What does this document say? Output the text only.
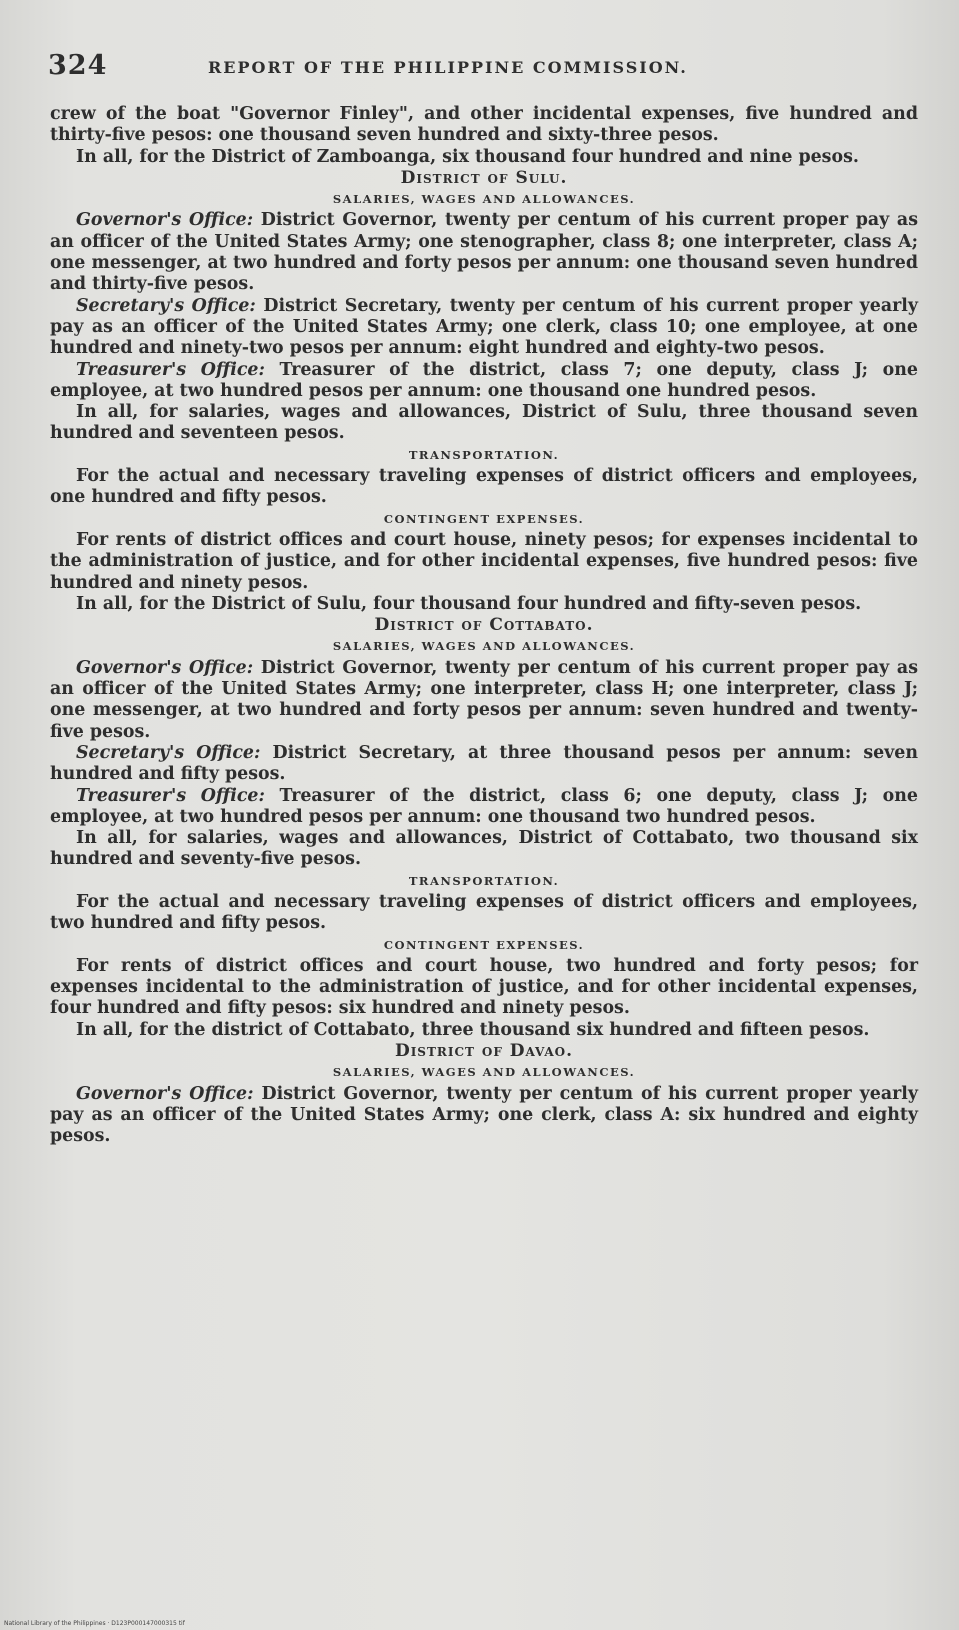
324	REPORT OF THE PHILIPPINE COMMISSION.

crew of the boat "Governor Finley", and other incidental expenses, five hundred and thirty-five pesos: one thousand seven hundred and sixty-three pesos.

In all, for the District of Zamboanga, six thousand four hundred and nine pesos.

District of Sulu.

SALARIES, WAGES AND ALLOWANCES.

Governor's Office: District Governor, twenty per centum of his current proper pay as an officer of the United States Army; one stenographer, class 8; one interpreter, class A; one messenger, at two hundred and forty pesos per annum: one thousand seven hundred and thirty-five pesos.

Secretary's Office: District Secretary, twenty per centum of his current proper yearly pay as an officer of the United States Army; one clerk, class 10; one employee, at one hundred and ninety-two pesos per annum: eight hundred and eighty-two pesos.

Treasurer's Office: Treasurer of the district, class 7; one deputy, class J; one employee, at two hundred pesos per annum: one thousand one hundred pesos.

In all, for salaries, wages and allowances, District of Sulu, three thousand seven hundred and seventeen pesos.

TRANSPORTATION.

For the actual and necessary traveling expenses of district officers and employees, one hundred and fifty pesos.

CONTINGENT EXPENSES.

For rents of district offices and court house, ninety pesos; for expenses incidental to the administration of justice, and for other incidental expenses, five hundred pesos: five hundred and ninety pesos.

In all, for the District of Sulu, four thousand four hundred and fifty-seven pesos.

District of Cottabato.

SALARIES, WAGES AND ALLOWANCES.

Governor's Office: District Governor, twenty per centum of his current proper pay as an officer of the United States Army; one interpreter, class H; one interpreter, class J; one messenger, at two hundred and forty pesos per annum: seven hundred and twenty-five pesos.

Secretary's Office: District Secretary, at three thousand pesos per annum: seven hundred and fifty pesos.

Treasurer's Office: Treasurer of the district, class 6; one deputy, class J; one employee, at two hundred pesos per annum: one thousand two hundred pesos.

In all, for salaries, wages and allowances, District of Cottabato, two thousand six hundred and seventy-five pesos.

TRANSPORTATION.

For the actual and necessary traveling expenses of district officers and employees, two hundred and fifty pesos.

CONTINGENT EXPENSES.

For rents of district offices and court house, two hundred and forty pesos; for expenses incidental to the administration of justice, and for other incidental expenses, four hundred and fifty pesos: six hundred and ninety pesos.

In all, for the district of Cottabato, three thousand six hundred and fifteen pesos.

District of Davao.

SALARIES, WAGES AND ALLOWANCES.

Governor's Office: District Governor, twenty per centum of his current proper yearly pay as an officer of the United States Army; one clerk, class A: six hundred and eighty pesos.

National Library of the Philippines · D123P000147000315 tif
